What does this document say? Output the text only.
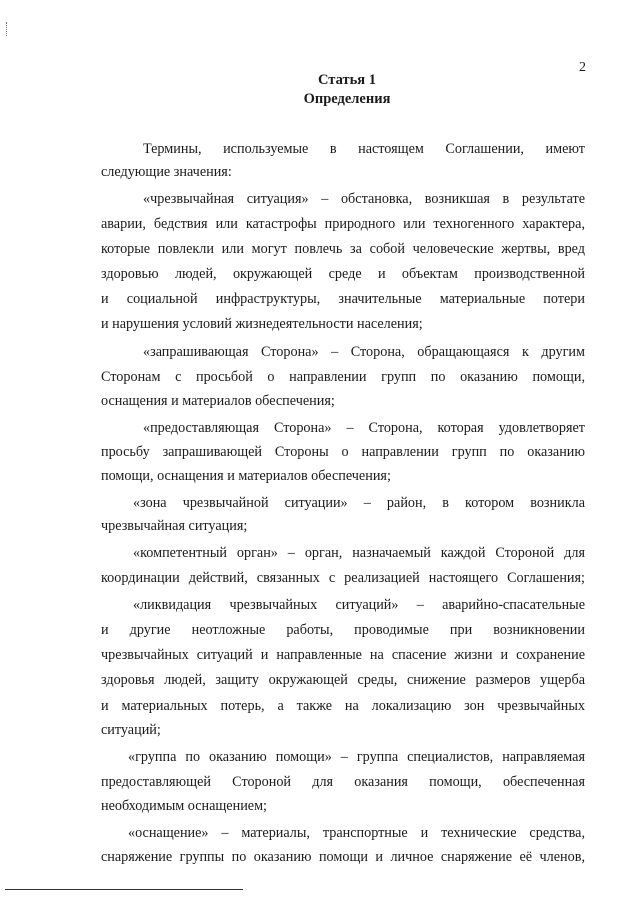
2
Статья 1
Определения
Термины, используемые в настоящем Соглашении, имеют
следующие значения:
«чрезвычайная ситуация» – обстановка, возникшая в результате
аварии, бедствия или катастрофы природного или техногенного характера,
которые повлекли или могут повлечь за собой человеческие жертвы, вред
здоровью людей, окружающей среде и объектам производственной
и социальной инфраструктуры, значительные материальные потери
и нарушения условий жизнедеятельности населения;
«запрашивающая Сторона» – Сторона, обращающаяся к другим
Сторонам с просьбой о направлении групп по оказанию помощи,
оснащения и материалов обеспечения;
«предоставляющая Сторона» – Сторона, которая удовлетворяет
просьбу запрашивающей Стороны о направлении групп по оказанию
помощи, оснащения и материалов обеспечения;
«зона чрезвычайной ситуации» – район, в котором возникла
чрезвычайная ситуация;
«компетентный орган» – орган, назначаемый каждой Стороной для
координации действий, связанных с реализацией настоящего Соглашения;
«ликвидация чрезвычайных ситуаций» – аварийно-спасательные
и другие неотложные работы, проводимые при возникновении
чрезвычайных ситуаций и направленные на спасение жизни и сохранение
здоровья людей, защиту окружающей среды, снижение размеров ущерба
и материальных потерь, а также на локализацию зон чрезвычайных
ситуаций;
«группа по оказанию помощи» – группа специалистов, направляемая
предоставляющей Стороной для оказания помощи, обеспеченная
необходимым оснащением;
«оснащение» – материалы, транспортные и технические средства,
снаряжение группы по оказанию помощи и личное снаряжение её членов,
